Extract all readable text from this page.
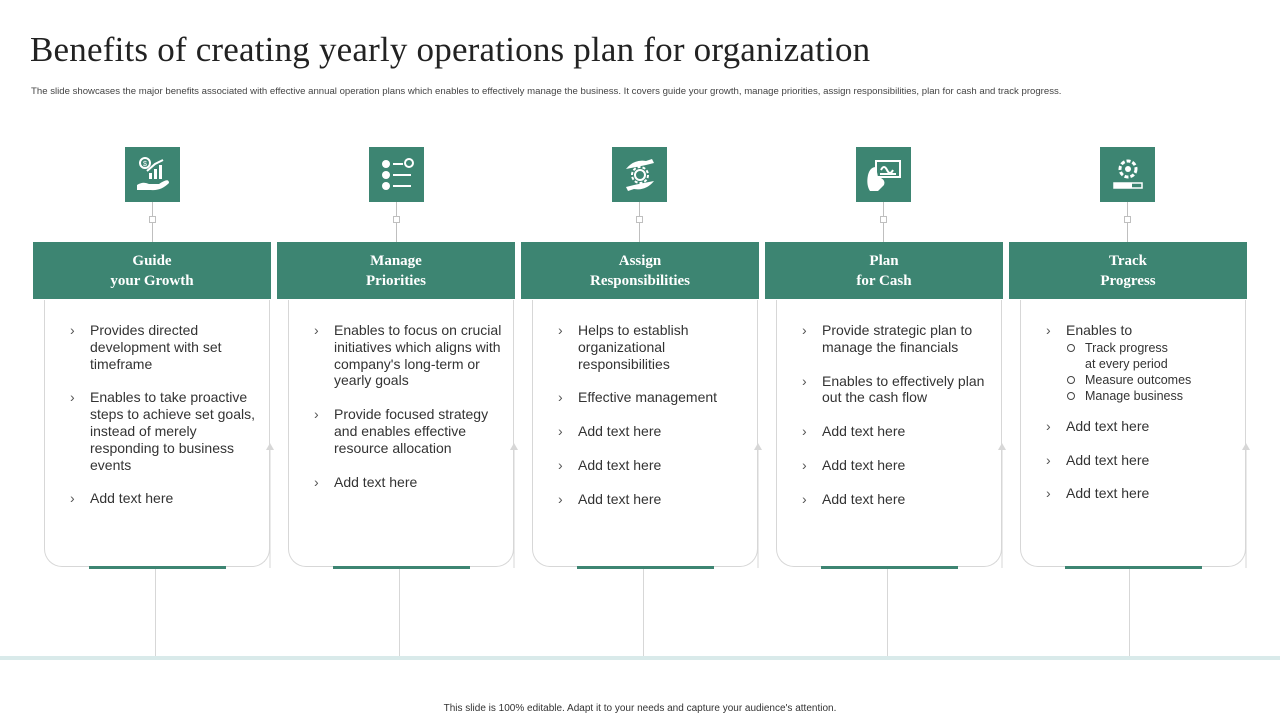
Benefits of creating yearly operations plan for organization
The slide showcases the major benefits associated with effective annual operation plans which enables to effectively manage the business. It covers guide your growth, manage priorities, assign responsibilities, plan for cash and track progress.
$
Guide
your Growth
› Provides directed development with set timeframe
› Enables to take proactive steps to achieve set goals, instead of merely responding to business events
› Add text here
Manage
Priorities
› Enables to focus on crucial initiatives which aligns with company's long-term or yearly goals
› Provide focused strategy and enables effective resource allocation
› Add text here
Assign
Responsibilities
› Helps to establish organizational responsibilities
› Effective management
› Add text here
› Add text here
› Add text here
Plan
for Cash
› Provide strategic plan to manage the financials
› Enables to effectively plan out the cash flow
› Add text here
› Add text here
› Add text here
Track
Progress
› Enables to
Track progress at every period
Measure outcomes
Manage business
› Add text here
› Add text here
› Add text here
This slide is 100% editable. Adapt it to your needs and capture your audience's attention.
